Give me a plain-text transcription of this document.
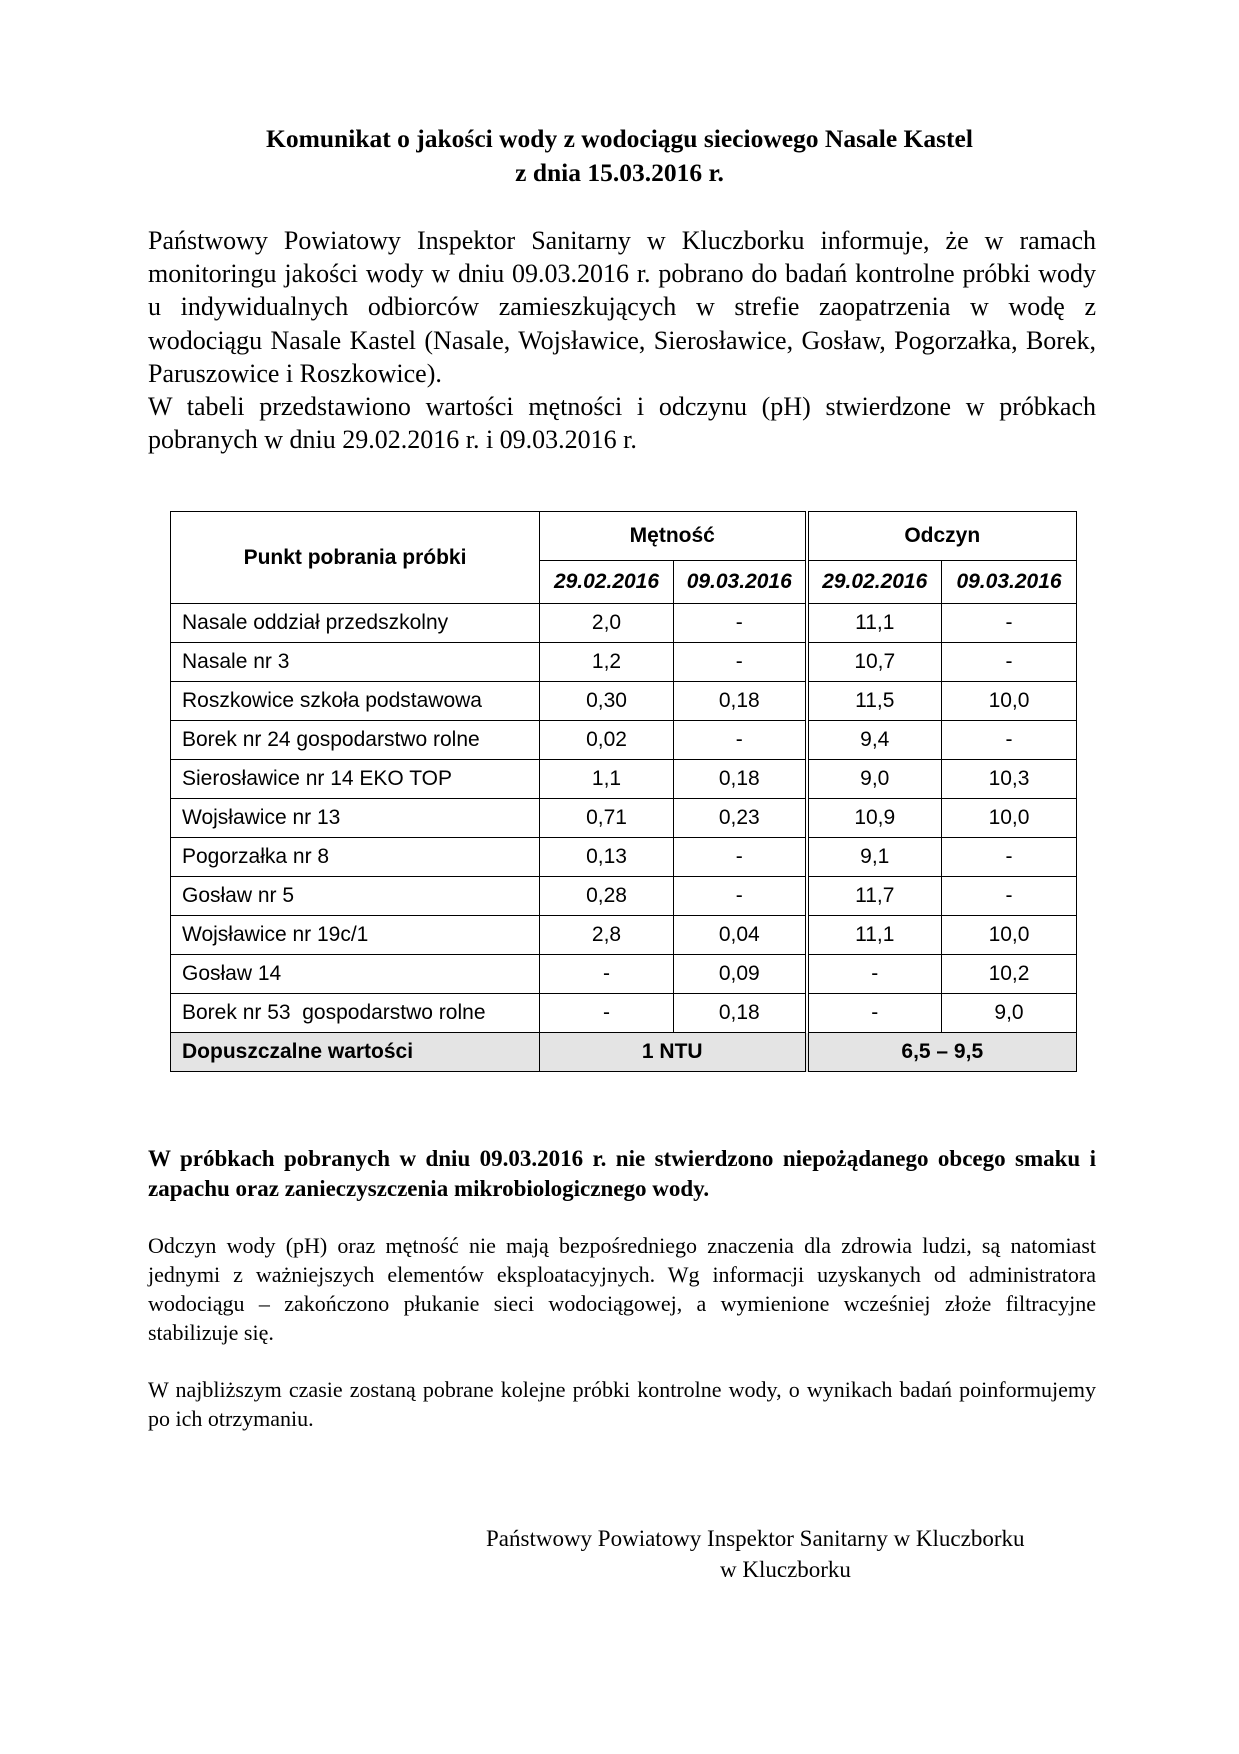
Komunikat o jakości wody z wodociągu sieciowego Nasale Kastel
z dnia 15.03.2016 r.

Państwowy Powiatowy Inspektor Sanitarny w Kluczborku informuje, że w ramach monitoringu jakości wody w dniu 09.03.2016 r. pobrano do badań kontrolne próbki wody u indywidualnych odbiorców zamieszkujących w strefie zaopatrzenia w wodę z wodociągu Nasale Kastel (Nasale, Wojsławice, Sierosławice, Gosław, Pogorzałka, Borek, Paruszowice i Roszkowice).

W tabeli przedstawiono wartości mętności i odczynu (pH) stwierdzone w próbkach pobranych w dniu 29.02.2016 r. i 09.03.2016 r.

Punkt pobrania próbki	Mętność		Odczyn	
	29.02.2016	09.03.2016	29.02.2016	09.03.2016
Nasale oddział przedszkolny	2,0	-	11,1	-
Nasale nr 3	1,2	-	10,7	-
Roszkowice szkoła podstawowa	0,30	0,18	11,5	10,0
Borek nr 24 gospodarstwo rolne	0,02	-	9,4	-
Sierosławice nr 14 EKO TOP	1,1	0,18	9,0	10,3
Wojsławice nr 13	0,71	0,23	10,9	10,0
Pogorzałka nr 8	0,13	-	9,1	-
Gosław nr 5	0,28	-	11,7	-
Wojsławice nr 19c/1	2,8	0,04	11,1	10,0
Gosław 14	-	0,09	-	10,2
Borek nr 53  gospodarstwo rolne	-	0,18	-	9,0
Dopuszczalne wartości	1 NTU		6,5 – 9,5	

W próbkach pobranych w dniu 09.03.2016 r. nie stwierdzono niepożądanego obcego smaku i zapachu oraz zanieczyszczenia mikrobiologicznego wody.

Odczyn wody (pH) oraz mętność nie mają bezpośredniego znaczenia dla zdrowia ludzi, są natomiast jednymi z ważniejszych elementów eksploatacyjnych. Wg informacji uzyskanych od administratora wodociągu – zakończono płukanie sieci wodociągowej, a wymienione wcześniej złoże filtracyjne stabilizuje się.

W najbliższym czasie zostaną pobrane kolejne próbki kontrolne wody, o wynikach badań poinformujemy po ich otrzymaniu.

Państwowy Powiatowy Inspektor Sanitarny w Kluczborku
w Kluczborku
